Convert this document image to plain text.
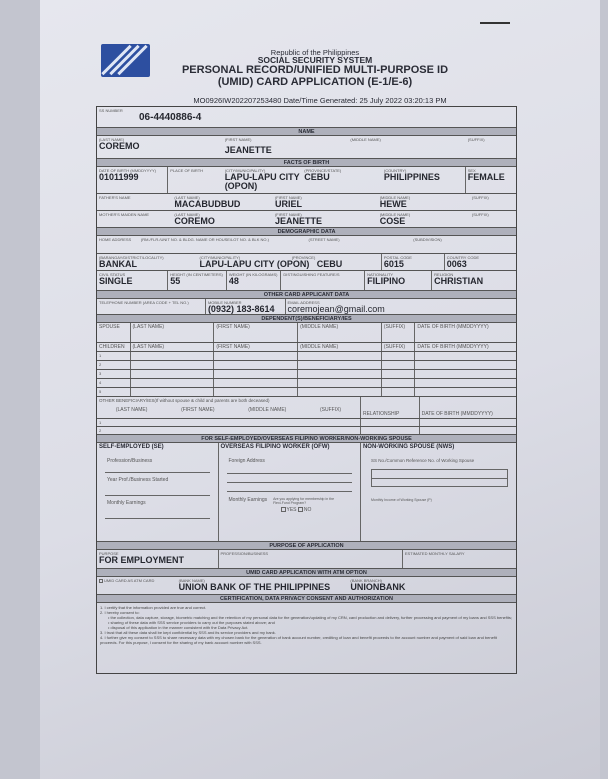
Republic of the Philippines
SOCIAL SECURITY SYSTEM
PERSONAL RECORD/UNIFIED MULTI-PURPOSE ID
(UMID) CARD APPLICATION (E-1/E-6)
MO0926IW202207253480 Date/Time Generated: 25 July 2022 03:20:13 PM
SS NUMBER
06-4440886-4
NAME
(LAST NAME)
COREMO
(FIRST NAME)
JEANETTE
(MIDDLE NAME)	(SUFFIX)
FACTS OF BIRTH
DATE OF BIRTH (MMDDYYYY)
01011999
PLACE OF BIRTH	(CITY/MUNICIPALITY)
LAPU-LAPU CITY (OPON)
(PROVINCE/STATE)
CEBU
(COUNTRY)
PHILIPPINES
SEX
FEMALE
FATHER'S NAME	(LAST NAME)
MACABUDBUD
(FIRST NAME)
URIEL
(MIDDLE NAME)
HEWE
(SUFFIX)
MOTHER'S MAIDEN NAME	(LAST NAME)
COREMO
(FIRST NAME)
JEANETTE
(MIDDLE NAME)
COSE
(SUFFIX)
DEMOGRAPHIC DATA
HOME ADDRESS	(RM./FLR./UNIT NO. & BLDG. NAME OR HOUSE/LOT NO. & BLK NO.)	(STREET NAME)	(SUBDIVISION)
(BARANGAY/DISTRICT/LOCALITY)
BANKAL
(CITY/MUNICIPALITY)
LAPU-LAPU CITY (OPON)
(PROVINCE)
CEBU
POSTAL CODE
6015
COUNTRY CODE
0063
CIVIL STATUS
SINGLE
HEIGHT (IN CENTIMETERS)
55
WEIGHT (IN KILOGRAMS)
48
DISTINGUISHING FEATURE/S	NATIONALITY
FILIPINO
RELIGION
CHRISTIAN
OTHER CARD APPLICANT DATA
TELEPHONE NUMBER (AREA CODE + TEL NO.)	MOBILE NUMBER
(0932) 183-8614
EMAIL ADDRESS
coremojean@gmail.com
DEPENDENT(S)/BENEFICIARY/IES
SPOUSE	(LAST NAME)	(FIRST NAME)	(MIDDLE NAME)	(SUFFIX)	DATE OF BIRTH (MMDDYYYY)
CHILDREN	(LAST NAME)	(FIRST NAME)	(MIDDLE NAME)	(SUFFIX)	DATE OF BIRTH (MMDDYYYY)
1
2
3
4
5
OTHER BENEFICIARY/IES(If without spouse & child and parents are both deceased)
(LAST NAME)	(FIRST NAME)	(MIDDLE NAME)	(SUFFIX)
RELATIONSHIP	DATE OF BIRTH (MMDDYYYY)
1
2
FOR SELF-EMPLOYED/OVERSEAS FILIPINO WORKER/NON-WORKING SPOUSE
SELF-EMPLOYED (SE)
Profession/Business
Year Prof./Business Started
Monthly Earnings
OVERSEAS FILIPINO WORKER (OFW)
Foreign Address
Monthly Earnings Are you applying for membership in the Flexi-Fund Program?
YES NO
NON-WORKING SPOUSE (NWS)
SS No./Common Reference No. of Working Spouse
Monthly Income of Working Spouse (P)
PURPOSE OF APPLICATION
PURPOSE
FOR EMPLOYMENT
PROFESSION/BUSINESS	ESTIMATED MONTHLY SALARY
UMID CARD APPLICATION WITH ATM OPTION
UMID CARD AS ATM CARD	(BANK NAME)
UNION BANK OF THE PHILIPPINES
(BANK BRANCH)
UNIONBANK
CERTIFICATION, DATA PRIVACY CONSENT AND AUTHORIZATION
1. I certify that the information provided are true and correct.
2. I hereby consent to:
• the collection, data capture, storage, biometric matching and the retention of my personal data for the generation/updating of my CRN, card production and delivery, further processing and payment of my loans and SSS benefits;
• sharing of these data with SSS service providers to carry out the purposes stated above; and
• disposal of this application in the manner consistent with the Data Privacy Act.
3. I trust that all these data shall be kept confidential by SSS and its service providers and my bank.
4. I further give my consent to SSS to share necessary data with my chosen bank for the generation of bank account number, crediting of loan and benefit proceeds to the account number and payment of said loan and benefit proceeds. For this purpose, I consent for the sharing of my bank account number with SSS.
